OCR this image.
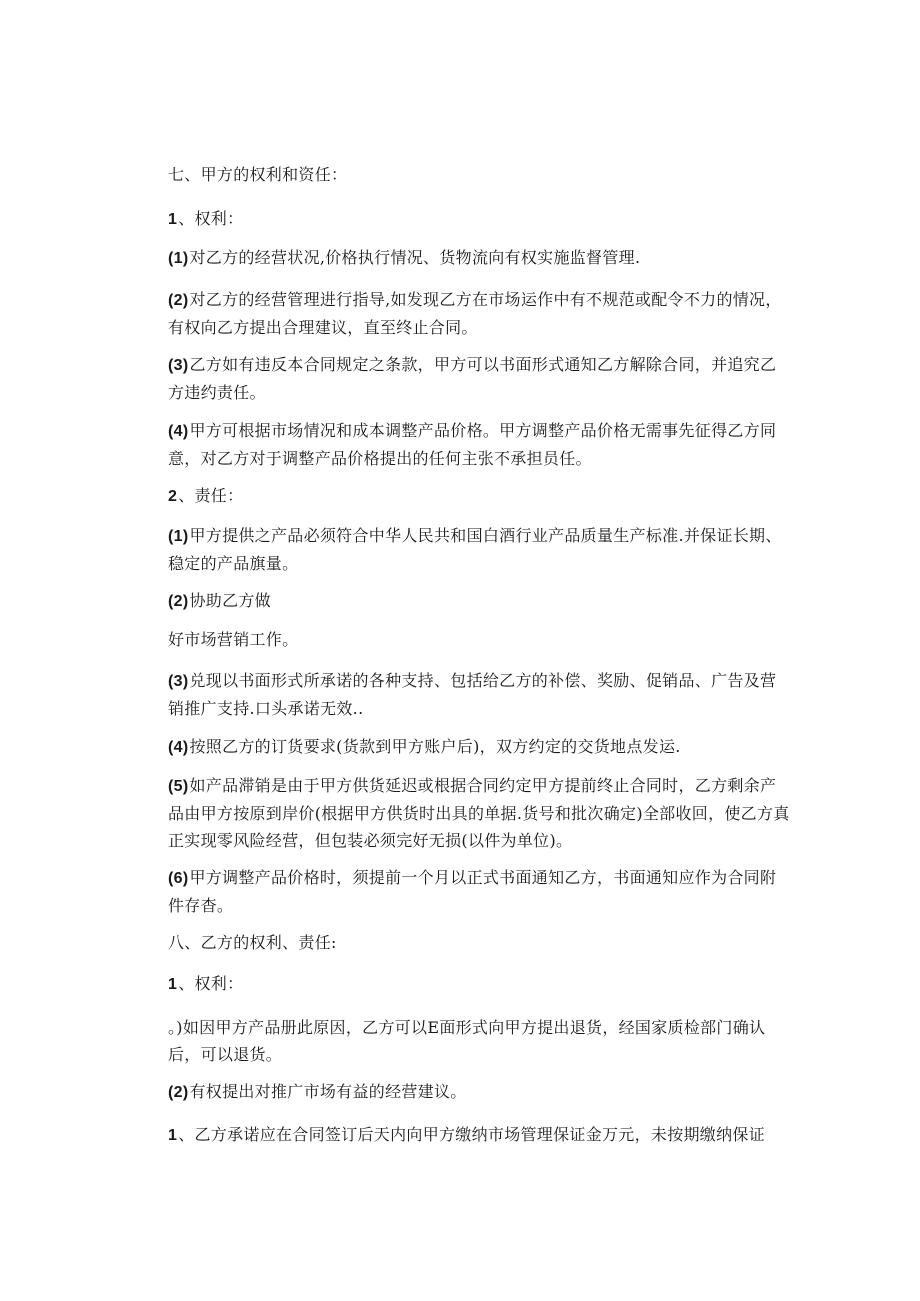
七、甲方的权利和资任：

1、权利：

(1)对乙方的经营状况,价格执行情况、货物流向有权实施监督管理.

(2)对乙方的经营管理进行指导,如发现乙方在市场运作中有不规范或配令不力的情况，有权向乙方提出合理建议，直至终止合同。

(3)乙方如有违反本合同规定之条款，甲方可以书面形式通知乙方解除合同，并追究乙方违约责任。

(4)甲方可根据市场情况和成本调整产品价格。甲方调整产品价格无需事先征得乙方同意，对乙方对于调整产品价格提出的任何主张不承担员任。

2、责任：

(1)甲方提供之产品必须符合中华人民共和国白酒行业产品质量生产标准.并保证长期、稳定的产品旗量。

(2)协助乙方做

好市场营销工作。

(3)兑现以书面形式所承诺的各种支持、包括给乙方的补偿、奖励、促销品、广告及营销推广支持.口头承诺无效..

(4)按照乙方的订货要求(货款到甲方账户后)，双方约定的交货地点发运.

(5)如产品滞销是由于甲方供货延迟或根据合同约定甲方提前终止合同时，乙方剩余产品由甲方按原到岸价(根据甲方供货时出具的单据.货号和批次确定)全部收回，使乙方真正实现零风险经营，但包装必须完好无损(以件为单位)。

(6)甲方调整产品价格时，须提前一个月以正式书面通知乙方，书面通知应作为合同附件存杳。

八、乙方的权利、责任:

1、权利：

。)如因甲方产品册此原因，乙方可以E面形式向甲方提出退货，经国家质检部门确认后，可以退货。

(2)有权提出对推广市场有益的经营建议。

1、乙方承诺应在合同签订后天内向甲方缴纳市场管理保证金万元，未按期缴纳保证
